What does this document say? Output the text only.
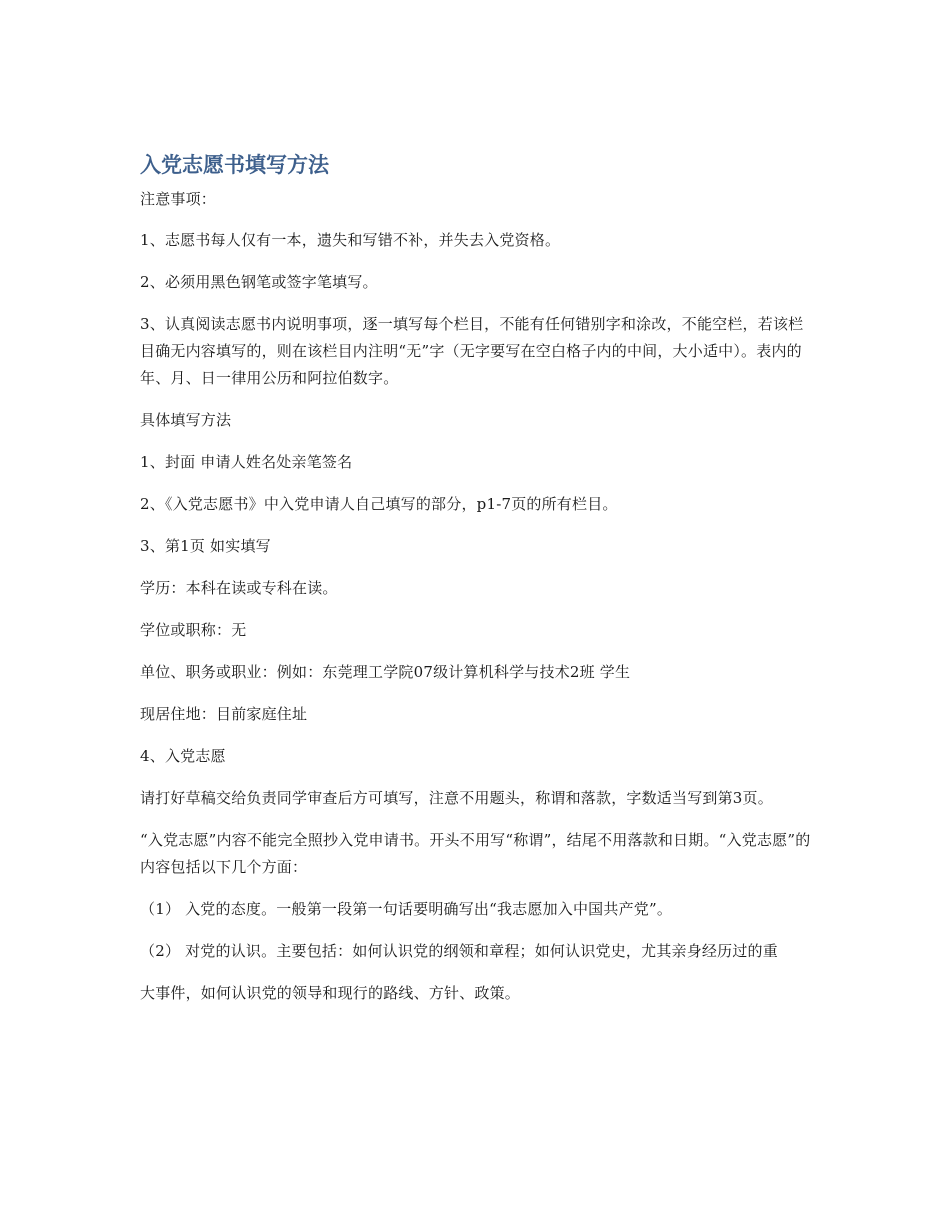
入党志愿书填写方法

注意事项：

1、志愿书每人仅有一本，遗失和写错不补，并失去入党资格。

2、必须用黑色钢笔或签字笔填写。

3、认真阅读志愿书内说明事项，逐一填写每个栏目，不能有任何错别字和涂改，不能空栏，若该栏目确无内容填写的，则在该栏目内注明“无”字（无字要写在空白格子内的中间，大小适中）。表内的年、月、日一律用公历和阿拉伯数字。

具体填写方法

1、封面 申请人姓名处亲笔签名

2、《入党志愿书》中入党申请人自己填写的部分，p1-7页的所有栏目。

3、第1页 如实填写

学历：本科在读或专科在读。

学位或职称：无

单位、职务或职业：例如：东莞理工学院07级计算机科学与技术2班 学生

现居住地：目前家庭住址

4、入党志愿

请打好草稿交给负责同学审查后方可填写，注意不用题头，称谓和落款，字数适当写到第3页。

“入党志愿”内容不能完全照抄入党申请书。开头不用写“称谓”，结尾不用落款和日期。“入党志愿”的内容包括以下几个方面：

（1） 入党的态度。一般第一段第一句话要明确写出“我志愿加入中国共产党”。

（2） 对党的认识。主要包括：如何认识党的纲领和章程；如何认识党史，尤其亲身经历过的重

大事件，如何认识党的领导和现行的路线、方针、政策。
